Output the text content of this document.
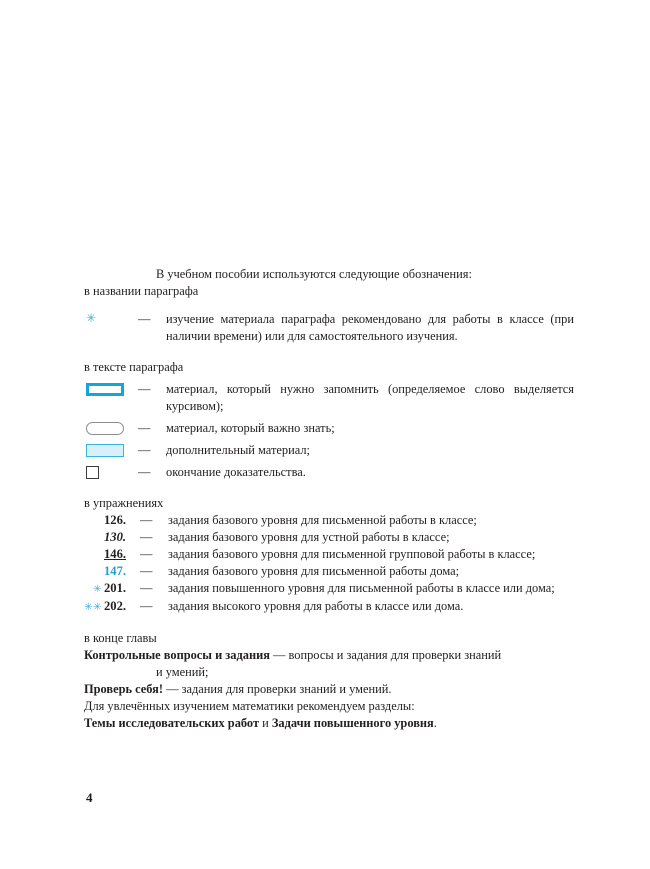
В учебном пособии используются следующие обозначения:

в названии параграфа

✳	—	изучение материала параграфа рекомендовано для работы в классе (при наличии времени) или для самостоятельного изучения.

в тексте параграфа

—	материал, который нужно запомнить (определяемое слово выделяется курсивом);
—	материал, который важно знать;
—	дополнительный материал;
—	окончание доказательства.

в упражнениях

126.	—	задания базового уровня для письменной работы в классе;
130.	—	задания базового уровня для устной работы в классе;
146.	—	задания базового уровня для письменной групповой работы в классе;
147.	—	задания базового уровня для письменной работы дома;
✳ 201.	—	задания повышенного уровня для письменной работы в классе или дома;
✳✳ 202.	—	задания высокого уровня для работы в классе или дома.

в конце главы

Контрольные вопросы и задания — вопросы и задания для проверки знаний

и умений;

Проверь себя! — задания для проверки знаний и умений.

Для увлечённых изучением математики рекомендуем разделы:

Темы исследовательских работ и Задачи повышенного уровня.

4
